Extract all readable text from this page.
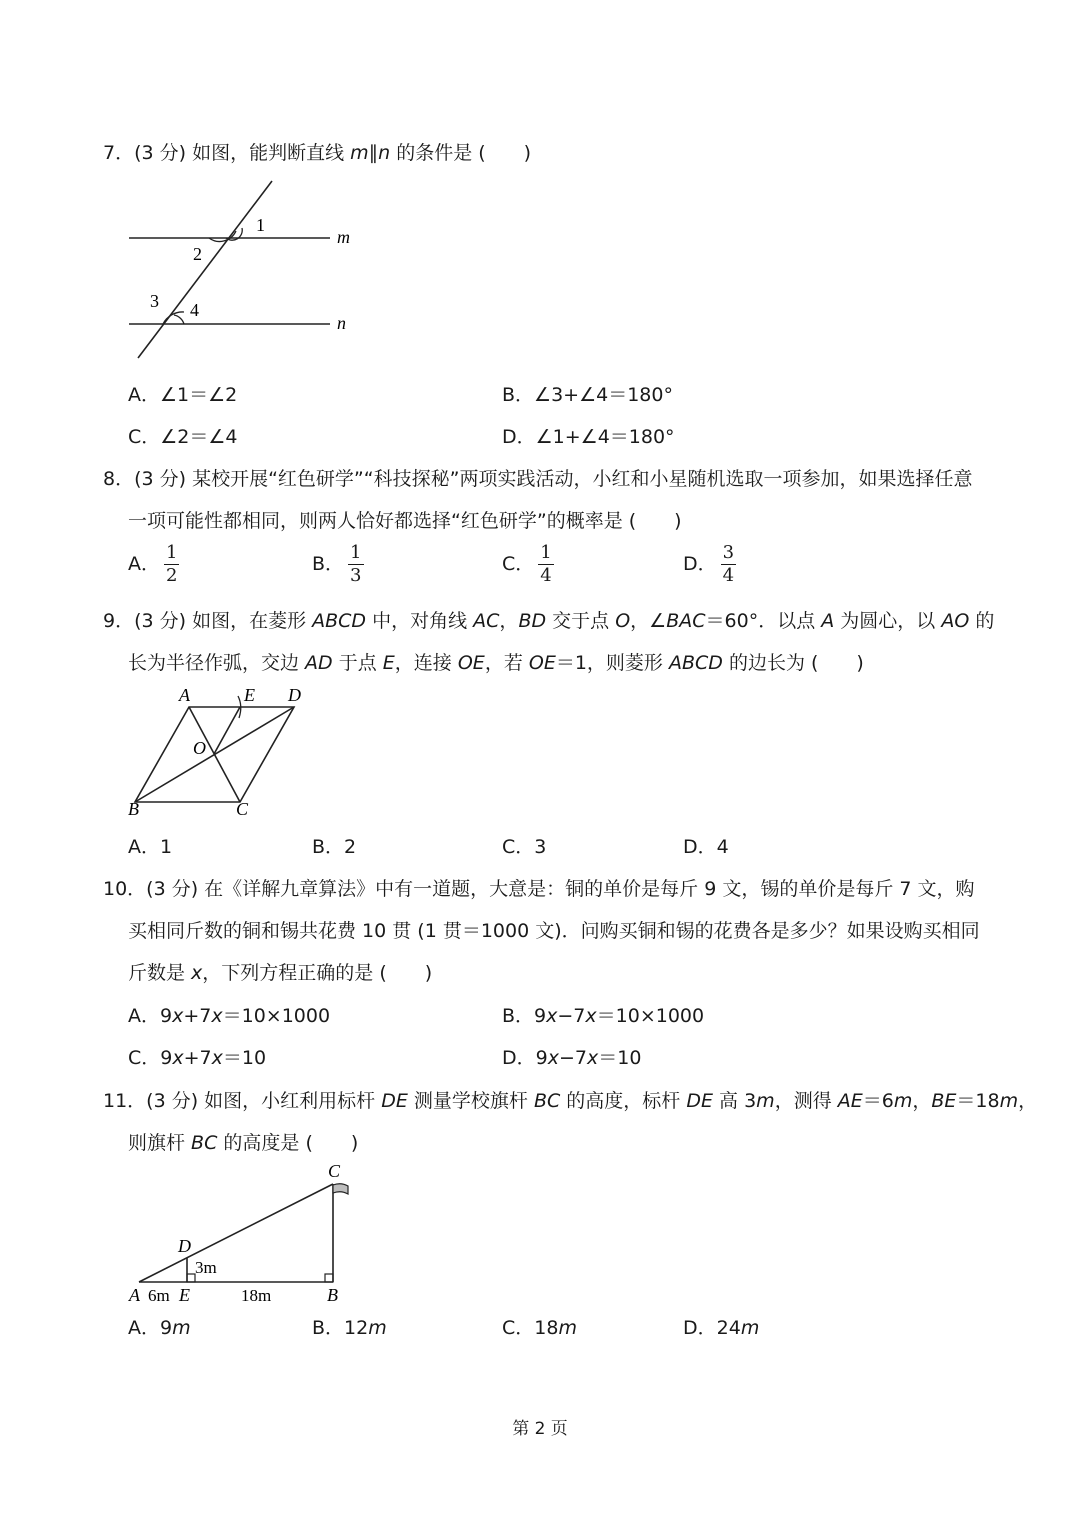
7．(3 分) 如图，能判断直线 m∥n 的条件是 (　　)
1
2
3 4
m
n
A．∠1＝∠2	B．∠3+∠4＝180°
C．∠2＝∠4	D．∠1+∠4＝180°
8．(3 分) 某校开展“红色研学”“科技探秘”两项实践活动，小红和小星随机选取一项参加，如果选择任意
一项可能性都相同，则两人恰好都选择“红色研学”的概率是 (　　)
A． $\frac{1}{2}$	B． $\frac{1}{3}$	C． $\frac{1}{4}$	D． $\frac{3}{4}$
9．(3 分) 如图，在菱形 ABCD 中，对角线 AC，BD 交于点 O，∠BAC＝60°．以点 A 为圆心，以 AO 的
长为半径作弧，交边 AD 于点 E，连接 OE，若 OE＝1，则菱形 ABCD 的边长为 (　　)
A	E D
O
B	C
A．1	B．2	C．3	D．4
10．(3 分) 在《详解九章算法》中有一道题，大意是：铜的单价是每斤 9 文，锡的单价是每斤 7 文，购
买相同斤数的铜和锡共花费 10 贯 (1 贯＝1000 文)．问购买铜和锡的花费各是多少？如果设购买相同
斤数是 x，下列方程正确的是 (　　)
A．9x+7x＝10×1000	B．9x−7x＝10×1000
C．9x+7x＝10	D．9x−7x＝10
11．(3 分) 如图，小红利用标杆 DE 测量学校旗杆 BC 的高度，标杆 DE 高 3m，测得 AE＝6m，BE＝18m，
则旗杆 BC 的高度是 (　　)
C
D
3m
A 6m E	18m	B
A．9m	B．12m	C．18m	D．24m
第 2 页
